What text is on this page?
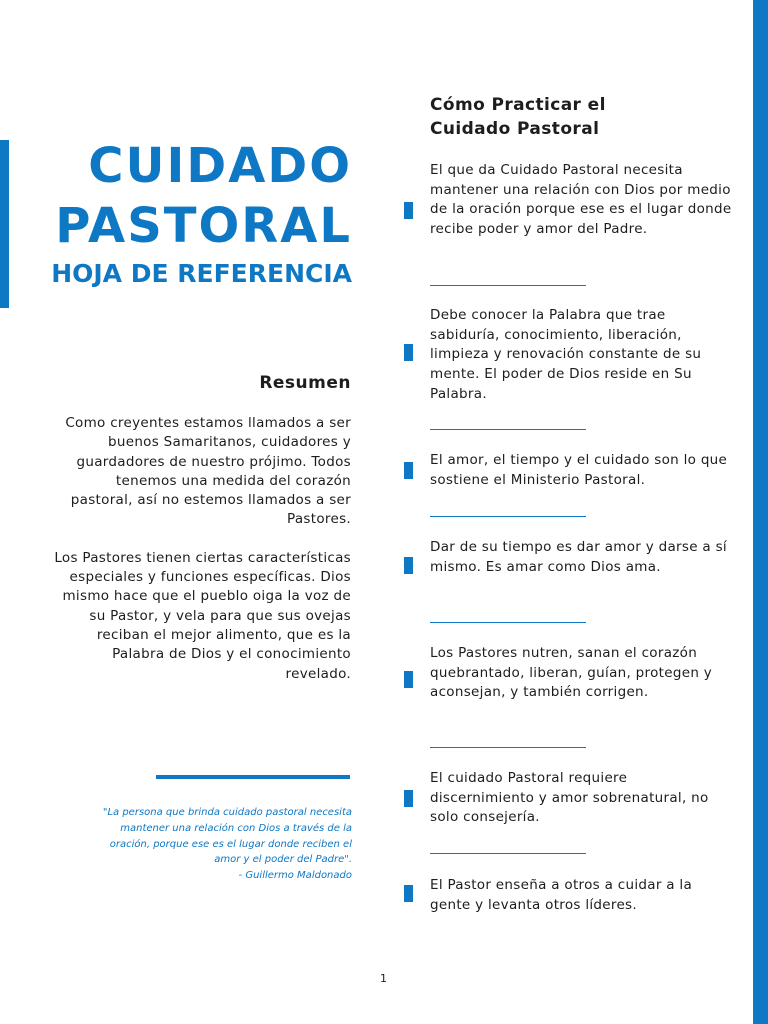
CUIDADO
PASTORAL
HOJA DE REFERENCIA
Resumen

Como creyentes estamos llamados a ser buenos Samaritanos, cuidadores y guardadores de nuestro prójimo. Todos tenemos una medida del corazón pastoral, así no estemos llamados a ser Pastores.

Los Pastores tienen ciertas características especiales y funciones específicas. Dios mismo hace que el pueblo oiga la voz de su Pastor, y vela para que sus ovejas reciban el mejor alimento, que es la Palabra de Dios y el conocimiento revelado.

"La persona que brinda cuidado pastoral necesita mantener una relación con Dios a través de la oración, porque ese es el lugar donde reciben el amor y el poder del Padre".
- Guillermo Maldonado
Cómo Practicar el Cuidado Pastoral
El que da Cuidado Pastoral necesita mantener una relación con Dios por medio de la oración porque ese es el lugar donde recibe poder y amor del Padre.
Debe conocer la Palabra que trae sabiduría, conocimiento, liberación, limpieza y renovación constante de su mente. El poder de Dios reside en Su Palabra.
El amor, el tiempo y el cuidado son lo que sostiene el Ministerio Pastoral.
Dar de su tiempo es dar amor y darse a sí mismo. Es amar como Dios ama.
Los Pastores nutren, sanan el corazón quebrantado, liberan, guían, protegen y aconsejan, y también corrigen.
El cuidado Pastoral requiere discernimiento y amor sobrenatural, no solo consejería.
El Pastor enseña a otros a cuidar a la gente y levanta otros líderes.
1
